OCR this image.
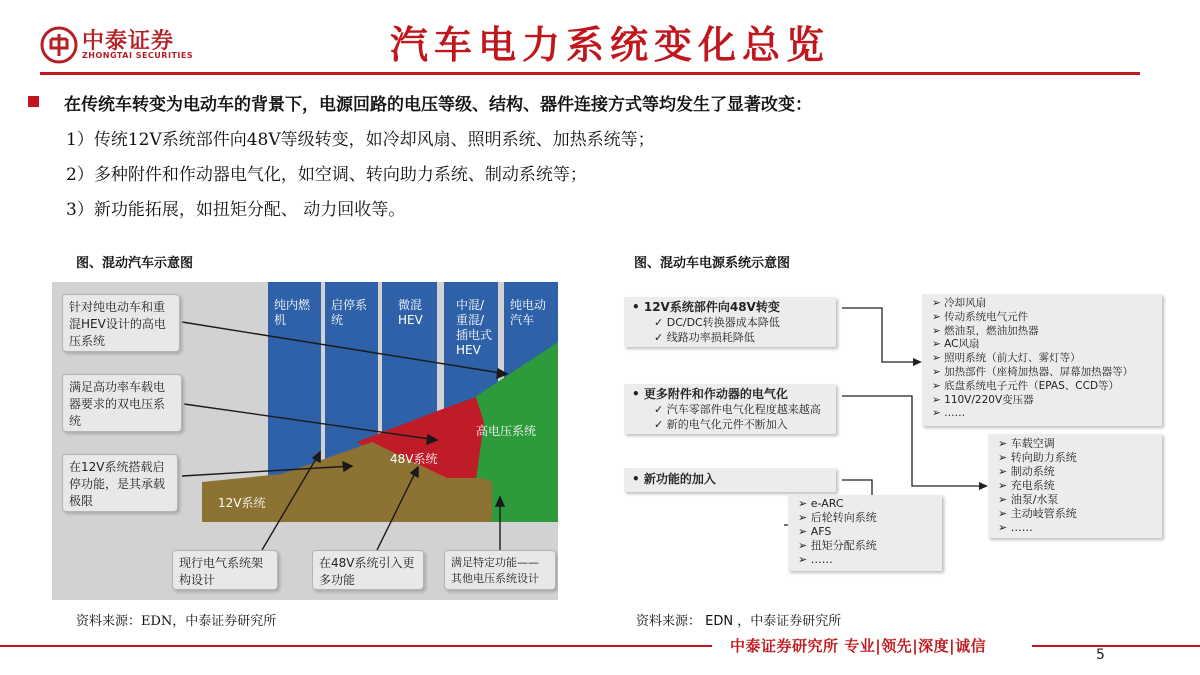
中泰证券
ZHONGTAI SECURITIES	汽车电力系统变化总览
在传统车转变为电动车的背景下，电源回路的电压等级、结构、器件连接方式等均发生了显著改变：
1）传统12V系统部件向48V等级转变，如冷却风扇、照明系统、加热系统等；
2）多种附件和作动器电气化，如空调、转向助力系统、制动系统等；
3）新功能拓展，如扭矩分配、 动力回收等。
图、混动汽车示意图
纯内燃
机
启停系
统
微混
HEV
中混/
重混/
插电式
HEV
纯电动
汽车
12V系统
48V系统
高电压系统
针对纯电动车和重混HEV设计的高电压系统
满足高功率车载电器要求的双电压系统
在12V系统搭载启停功能，是其承载极限
现行电气系统架构设计
在48V系统引入更多功能
满足特定功能——其他电压系统设计
资料来源：EDN，中泰证券研究所
图、混动车电源系统示意图
• 12V系统部件向48V转变
✓ DC/DC转换器成本降低
✓ 线路功率损耗降低
• 更多附件和作动器的电气化
✓ 汽车零部件电气化程度越来越高
✓ 新的电气化元件不断加入
• 新功能的加入
➢ 冷却风扇
➢ 传动系统电气元件
➢ 燃油泵，燃油加热器
➢ AC风扇
➢ 照明系统（前大灯、雾灯等）
➢ 加热部件（座椅加热器、屏幕加热器等）
➢ 底盘系统电子元件（EPAS、CCD等）
➢ 110V/220V变压器
➢ ……
➢ 车载空调
➢ 转向助力系统
➢ 制动系统
➢ 充电系统
➢ 油泵/水泵
➢ 主动岐管系统
➢ ……
➢ e-ARC
➢ 后轮转向系统
➢ AFS
➢ 扭矩分配系统
➢ ……
资料来源： EDN ，中泰证券研究所
中泰证券研究所 专业|领先|深度|诚信	5
